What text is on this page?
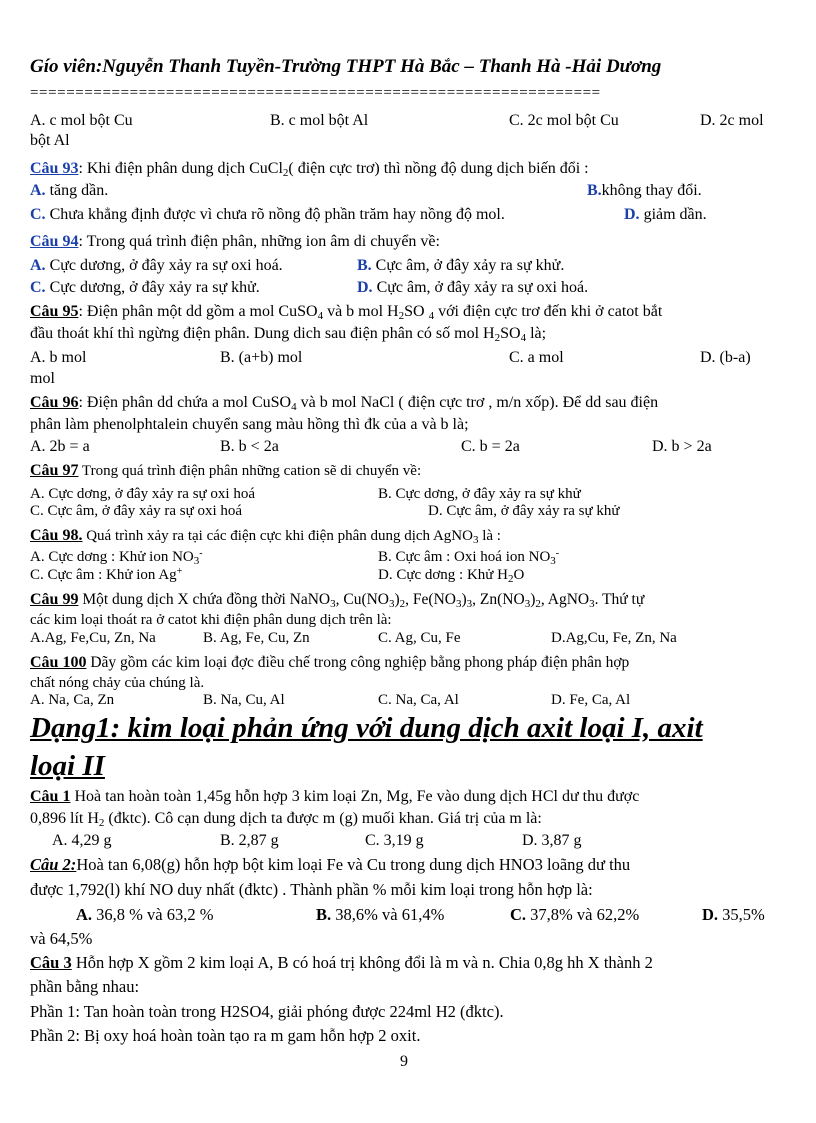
Gío viên:Nguyễn Thanh Tuyền-Trường THPT Hà Bắc – Thanh Hà -Hải Dương
===============================================================
A. c mol bột Cu	B. c mol bột Al	C. 2c mol bột Cu	D. 2c mol
bột Al
Câu 93: Khi điện phân dung dịch CuCl$_2$( điện cực trơ) thì nồng độ dung dịch biến đổi :
A. tăng dần.	B.không thay đổi.
C. Chưa khẳng định được vì chưa rõ nồng độ phần trăm hay nồng độ mol.	D. giảm dần.
Câu 94: Trong quá trình điện phân, những ion âm di chuyển về:
A. Cực dương, ở đây xảy ra sự oxi hoá.	B. Cực âm, ở đây xảy ra sự khử.
C. Cực dương, ở đây xảy ra sự khử.	D. Cực âm, ở đây xảy ra sự oxi hoá.
Câu 95: Điện phân một dd gồm a mol CuSO$_4$ và b mol $H_2SO$ $_4$ với điện cực trơ đến khi ở catot bắt
đầu thoát khí thì ngừng điện phân. Dung dich sau điện phân có số mol $H_2SO_4$ là;
A. b mol	B. (a+b) mol	C. a mol	D. (b-a)
mol
Câu 96: Điện phân dd chứa a mol CuSO$_4$ và b mol NaCl ( điện cực trơ , m/n xốp). Để dd sau điện
phân làm phenolphtalein chuyển sang màu hồng thì đk của a và b là;
A. 2b = a	B. b < 2a	C. b = 2a	D. b > 2a
Câu 97 Trong quá trình điện phân những cation sẽ di chuyển về:
A. Cực dơng, ở đây xảy ra sự oxi hoá	B. Cực dơng, ở đây xảy ra sự khử
C. Cực âm, ở đây xảy ra sự oxi hoá	D. Cực âm, ở đây xảy ra sự khử
Câu 98. Quá trình xảy ra tại các điện cực khi điện phân dung dịch AgNO$_3$ là :
A. Cực dơng : Khử ion $NO_3^-$	B. Cực âm : Oxi hoá ion $NO_3^-$
C. Cực âm : Khử ion Ag+	D. Cực dơng : Khử $H_2O$
Câu 99 Một dung dịch X chứa đồng thời NaNO$_3$, $Cu(NO_3)_2$, $Fe(NO_3)_3$, $Zn(NO_3)_2$, AgNO$_3$. Thứ tự
các kim loại thoát ra ở catot khi điện phân dung dịch trên là:
A.Ag, Fe,Cu, Zn, Na	B. Ag, Fe, Cu, Zn	C. Ag, Cu, Fe	D.Ag,Cu, Fe, Zn, Na
Câu 100 Dãy gồm các kim loại đợc điều chế trong công nghiệp bằng phong pháp điện phân hợp
chất nóng chảy của chúng là.
A. Na, Ca, Zn	B. Na, Cu, Al	C. Na, Ca, Al	D. Fe, Ca, Al
Dạng1: kim loại phản ứng với dung dịch axit loại I, axit
loại II
Câu 1 Hoà tan hoàn toàn 1,45g hỗn hợp 3 kim loại Zn, Mg, Fe vào dung dịch HCl dư thu được
0,896 lít $H_2$ (đktc). Cô cạn dung dịch ta được m (g) muối khan. Giá trị của m là:
A. 4,29 g	B. 2,87 g	C. 3,19 g	D. 3,87 g
Câu 2:Hoà tan 6,08(g) hỗn hợp bột kim loại Fe và Cu trong dung dịch HNO3 loãng dư thu
được 1,792(l) khí NO duy nhất (đktc) . Thành phần % mỗi kim loại trong hỗn hợp là:
A. 36,8 % và 63,2 %	B. 38,6% và 61,4%	C. 37,8% và 62,2%	D. 35,5%
và 64,5%
Câu 3 Hỗn hợp X gồm 2 kim loại A, B có hoá trị không đổi là m và n. Chia 0,8g hh X thành 2
phần bằng nhau:
Phần 1: Tan hoàn toàn trong H2SO4, giải phóng được 224ml H2 (đktc).
Phần 2: Bị oxy hoá hoàn toàn tạo ra m gam hỗn hợp 2 oxit.
9
